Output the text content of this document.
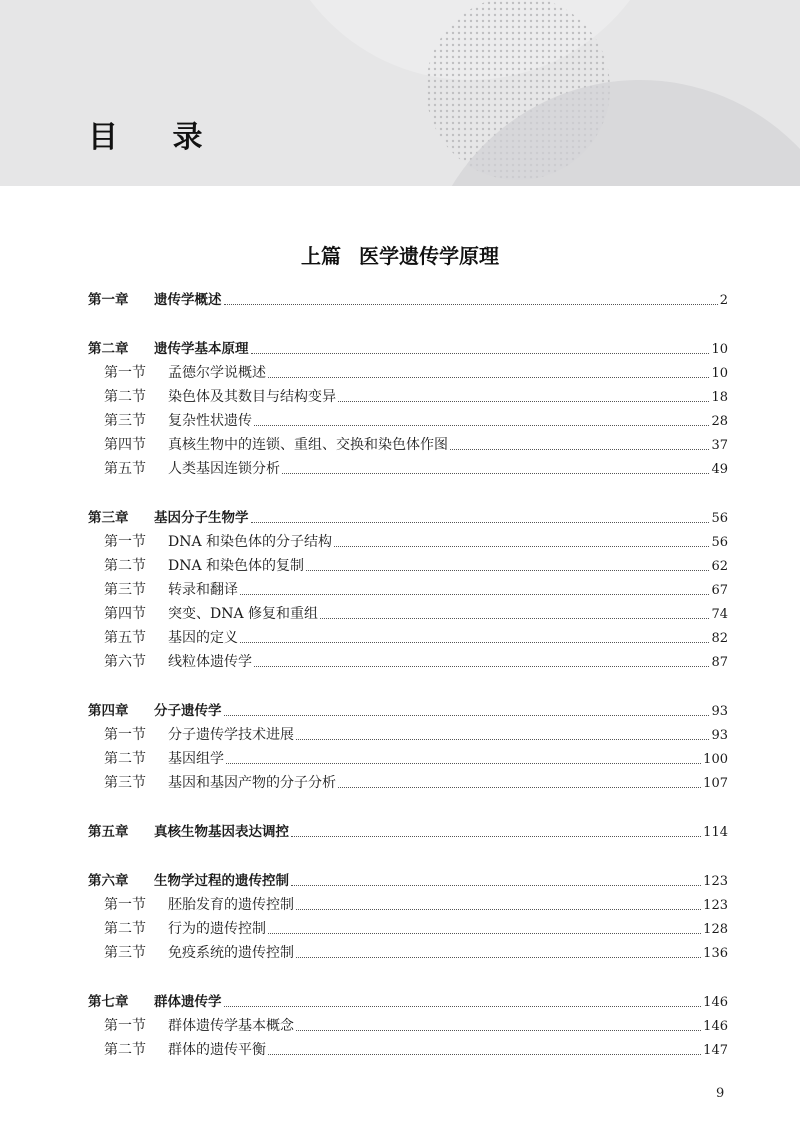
目 录
上篇 医学遗传学原理
第一章	遗传学概述	2
第二章	遗传学基本原理	10
第一节	孟德尔学说概述	10
第二节	染色体及其数目与结构变异	18
第三节	复杂性状遗传	28
第四节	真核生物中的连锁、重组、交换和染色体作图	37
第五节	人类基因连锁分析	49
第三章	基因分子生物学	56
第一节	DNA 和染色体的分子结构	56
第二节	DNA 和染色体的复制	62
第三节	转录和翻译	67
第四节	突变、DNA 修复和重组	74
第五节	基因的定义	82
第六节	线粒体遗传学	87
第四章	分子遗传学	93
第一节	分子遗传学技术进展	93
第二节	基因组学	100
第三节	基因和基因产物的分子分析	107
第五章	真核生物基因表达调控	114
第六章	生物学过程的遗传控制	123
第一节	胚胎发育的遗传控制	123
第二节	行为的遗传控制	128
第三节	免疫系统的遗传控制	136
第七章	群体遗传学	146
第一节	群体遗传学基本概念	146
第二节	群体的遗传平衡	147
9
